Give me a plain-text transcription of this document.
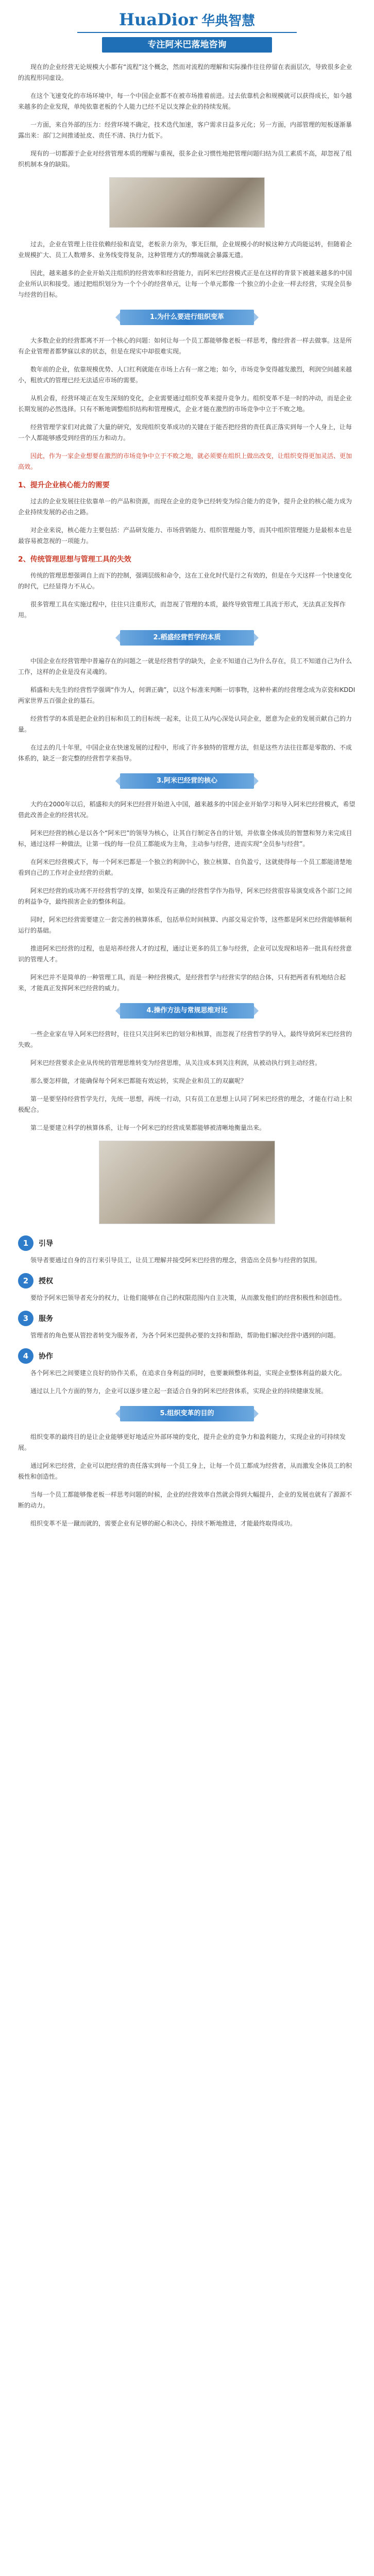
HuaDior 华典智慧
专注阿米巴落地咨询

现在的企业经营无论规模大小都有“流程”这个概念，然而对流程的理解和实际操作往往停留在表面层次，导致很多企业的流程形同虚设。

在这个飞速变化的市场环境中，每一个中国企业都不在被市场推着前进。过去依靠机会和规模就可以获得成长，如今越来越多的企业发现，单纯依靠老板的个人能力已经不足以支撑企业的持续发展。

一方面，来自外部的压力：经营环境不确定，技术迭代加速，客户需求日益多元化；另一方面，内部管理的短板逐渐暴露出来：部门之间推诿扯皮、责任不清、执行力低下。

现有的一切都源于企业对经营管理本质的理解与重视，很多企业习惯性地把管理问题归结为员工素质不高，却忽视了组织机制本身的缺陷。

过去，企业在管理上往往依赖经验和直觉，老板亲力亲为，事无巨细，企业规模小的时候这种方式尚能运转，但随着企业规模扩大、员工人数增多、业务线变得复杂，这种管理方式的弊端就会暴露无遗。

因此，越来越多的企业开始关注组织的经营效率和经营能力，而阿米巴经营模式正是在这样的背景下被越来越多的中国企业所认识和接受。通过把组织划分为一个个小的经营单元，让每一个单元都像一个独立的小企业一样去经营，实现全员参与经营的目标。

1.为什么要进行组织变革

大多数企业的经营都离不开一个核心的问题：如何让每一个员工都能够像老板一样思考，像经营者一样去做事。这是所有企业管理者都梦寐以求的状态，但是在现实中却很难实现。

数年前的企业，依靠规模优势、人口红利就能在市场上占有一席之地；如今，市场竞争变得越发激烈，利润空间越来越小，粗放式的管理已经无法适应市场的需要。

从机会看，经营环境正在发生深刻的变化，企业需要通过组织变革来提升竞争力。组织变革不是一时的冲动，而是企业长期发展的必然选择。只有不断地调整组织结构和管理模式，企业才能在激烈的市场竞争中立于不败之地。

经营管理学家们对此做了大量的研究，发现组织变革成功的关键在于能否把经营的责任真正落实到每一个人身上，让每一个人都能够感受到经营的压力和动力。

因此，作为一家企业想要在激烈的市场竞争中立于不败之地，就必须要在组织上做出改变，让组织变得更加灵活、更加高效。

1、提升企业核心能力的需要

过去的企业发展往往依靠单一的产品和资源，而现在企业的竞争已经转变为综合能力的竞争，提升企业的核心能力成为企业持续发展的必由之路。

对企业来说，核心能力主要包括：产品研发能力、市场营销能力、组织管理能力等，而其中组织管理能力是最根本也是最容易被忽视的一项能力。

2、传统管理思想与管理工具的失效

传统的管理思想强调自上而下的控制，强调层级和命令，这在工业化时代是行之有效的，但是在今天这样一个快速变化的时代，已经显得力不从心。

很多管理工具在实施过程中，往往只注重形式，而忽视了管理的本质，最终导致管理工具流于形式，无法真正发挥作用。

2.稻盛经营哲学的本质

中国企业在经营管理中普遍存在的问题之一就是经营哲学的缺失，企业不知道自己为什么存在，员工不知道自己为什么工作，这样的企业是没有灵魂的。

稻盛和夫先生的经营哲学强调“作为人，何谓正确”，以这个标准来判断一切事物，这种朴素的经营理念成为京瓷和KDDI两家世界五百强企业的基石。

经营哲学的本质是把企业的目标和员工的目标统一起来，让员工从内心深处认同企业，愿意为企业的发展贡献自己的力量。

在过去的几十年里，中国企业在快速发展的过程中，形成了许多独特的管理方法，但是这些方法往往都是零散的、不成体系的，缺乏一套完整的经营哲学来指导。

3.阿米巴经营的核心

大约在2000年以后，稻盛和夫的阿米巴经营开始进入中国，越来越多的中国企业开始学习和导入阿米巴经营模式，希望借此改善企业的经营状况。

阿米巴经营的核心是以各个“阿米巴”的领导为核心，让其自行制定各自的计划，并依靠全体成员的智慧和努力来完成目标，通过这样一种做法，让第一线的每一位员工都能成为主角，主动参与经营，进而实现“全员参与经营”。

在阿米巴经营模式下，每一个阿米巴都是一个独立的利润中心，独立核算、自负盈亏，这就使得每一个员工都能清楚地看到自己的工作对企业经营的贡献。

阿米巴经营的成功离不开经营哲学的支撑，如果没有正确的经营哲学作为指导，阿米巴经营很容易演变成各个部门之间的利益争夺，最终损害企业的整体利益。

同时，阿米巴经营需要建立一套完善的核算体系，包括单位时间核算、内部交易定价等，这些都是阿米巴经营能够顺利运行的基础。

推进阿米巴经营的过程，也是培养经营人才的过程，通过让更多的员工参与经营，企业可以发现和培养一批具有经营意识的管理人才。

阿米巴并不是简单的一种管理工具，而是一种经营模式，是经营哲学与经营实学的结合体，只有把两者有机地结合起来，才能真正发挥阿米巴经营的威力。

4.操作方法与常规思维对比

一些企业家在导入阿米巴经营时，往往只关注阿米巴的划分和核算，而忽视了经营哲学的导入，最终导致阿米巴经营的失败。

阿米巴经营要求企业从传统的管理思维转变为经营思维，从关注成本到关注利润，从被动执行到主动经营。

那么要怎样做，才能确保每个阿米巴都能有效运转，实现企业和员工的双赢呢？

第一是要坚持经营哲学先行，先统一思想，再统一行动，只有员工在思想上认同了阿米巴经营的理念，才能在行动上积极配合。

第二是要建立科学的核算体系，让每一个阿米巴的经营成果都能够被清晰地衡量出来。

1	引导

领导者要通过自身的言行来引导员工，让员工理解并接受阿米巴经营的理念，营造出全员参与经营的氛围。

2	授权

要给予阿米巴领导者充分的权力，让他们能够在自己的权限范围内自主决策，从而激发他们的经营积极性和创造性。

3	服务

管理者的角色要从管控者转变为服务者，为各个阿米巴提供必要的支持和帮助，帮助他们解决经营中遇到的问题。

4	协作

各个阿米巴之间要建立良好的协作关系，在追求自身利益的同时，也要兼顾整体利益，实现企业整体利益的最大化。

通过以上几个方面的努力，企业可以逐步建立起一套适合自身的阿米巴经营体系，实现企业的持续健康发展。

5.组织变革的目的

组织变革的最终目的是让企业能够更好地适应外部环境的变化，提升企业的竞争力和盈利能力，实现企业的可持续发展。

通过阿米巴经营，企业可以把经营的责任落实到每一个员工身上，让每一个员工都成为经营者，从而激发全体员工的积极性和创造性。

当每一个员工都能够像老板一样思考问题的时候，企业的经营效率自然就会得到大幅提升，企业的发展也就有了源源不断的动力。

组织变革不是一蹴而就的，需要企业有足够的耐心和决心，持续不断地推进，才能最终取得成功。
